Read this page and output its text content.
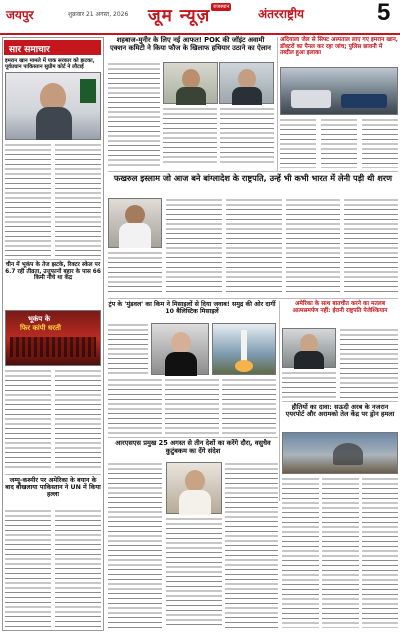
जयपुर	शुक्रवार 21 अगस्त, 2026 जूम न्यूज़ राजस्थान	अंतरराष्ट्रीय	5
सार समाचार
इमरान खान मामले में पाक सरकार को झटका, पूर्वप्रधान पाकिस्तान सुप्रीम कोर्ट ने लौटाई
चीन में भूकंप के तेज झटके, रिक्टर स्केल पर 6.7 रही तीव्रता, उत्तूफानों बहार के पास 66 किमी नीचे था केंद्र
भूकंप के
फिर कांपी धरती
जम्मू-कश्मीर पर अमेरिका के बयान के बाद बौखलाया पाकिस्तान ने UN में किया हल्ला
शहबाज-मुनीर के लिए नई आफत! POK की जॉइंट अवामी एक्शन कमिटी ने किया फौज के खिलाफ हथियार उठाने का ऐलान
अदियाला जेल से सिफ्ट अस्पताल लाए गए इमरान खान, डॉक्टरों का पैनल कर रहा जांच; पुलिस छावनी में तब्दील हुआ इलाका
फखरुल इस्लाम जो आज बने बांग्लादेश के राष्ट्रपति, उन्हें भी कभी भारत में लेनी पड़ी थी शरण
ट्रंप के 'मुंडवल' का किम ने मिसाइलों से दिया जवाब! समुद्र की ओर दागीं 10 बैलिस्टिक मिसाइलें
अमेरिका के साथ बातचीत करने का मतलब आत्मसमर्पण नहीं: ईरानी राष्ट्रपति पेजेश्कियान
हौतियों का दावा: सऊदी अरब के नजरान एयरपोर्ट और अरामको तेल केंद्र पर ड्रोन हमला
आरएसएस प्रमुख 25 अगस्त से तीन देशों का करेंगे दौरा, वसुधैव कुटुंबकम का देंगे संदेश
